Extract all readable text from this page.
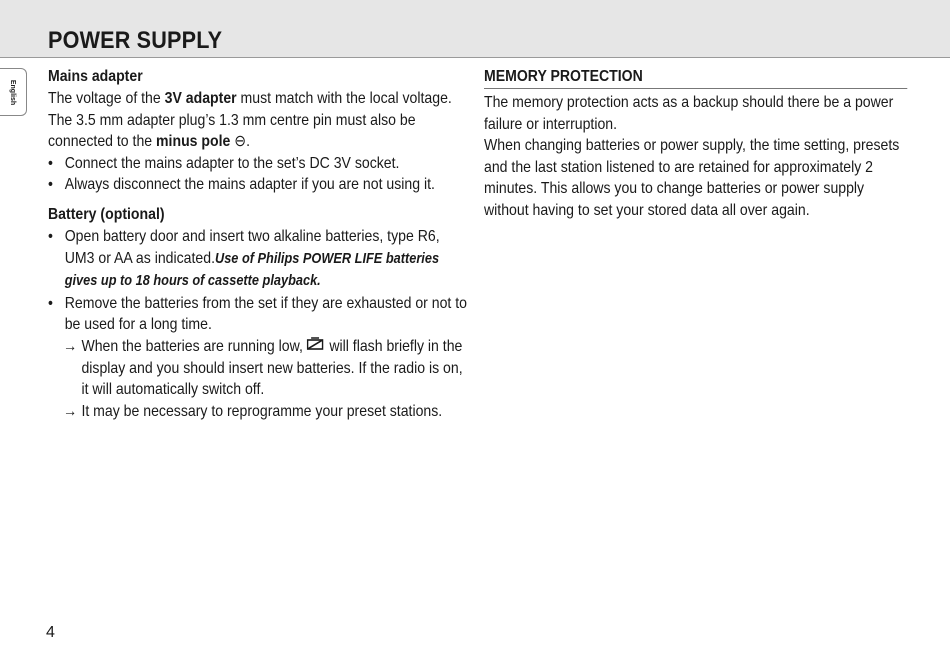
POWER SUPPLY
English
Mains adapter

The voltage of the 3V adapter must match with the local voltage. The 3.5 mm adapter plug’s 1.3 mm centre pin must also be connected to the minus pole ⊖.

• Connect the mains adapter to the set’s DC 3V socket.
• Always disconnect the mains adapter if you are not using it.
Battery (optional)
• Open battery door and insert two alkaline batteries, type R6, UM3 or AA as indicated.Use of Philips POWER LIFE batteries gives up to 18 hours of cassette playback.
• Remove the batteries from the set if they are exhausted or not to be used for a long time.
→ When the batteries are running low, will flash briefly in the display and you should insert new batteries. If the radio is on, it will automatically switch off.
→ It may be necessary to reprogramme your preset stations.
MEMORY PROTECTION

The memory protection acts as a backup should there be a power failure or interruption.

When changing batteries or power supply, the time setting, presets and the last station listened to are retained for approximately 2 minutes. This allows you to change batteries or power supply without having to set your stored data all over again.

4
